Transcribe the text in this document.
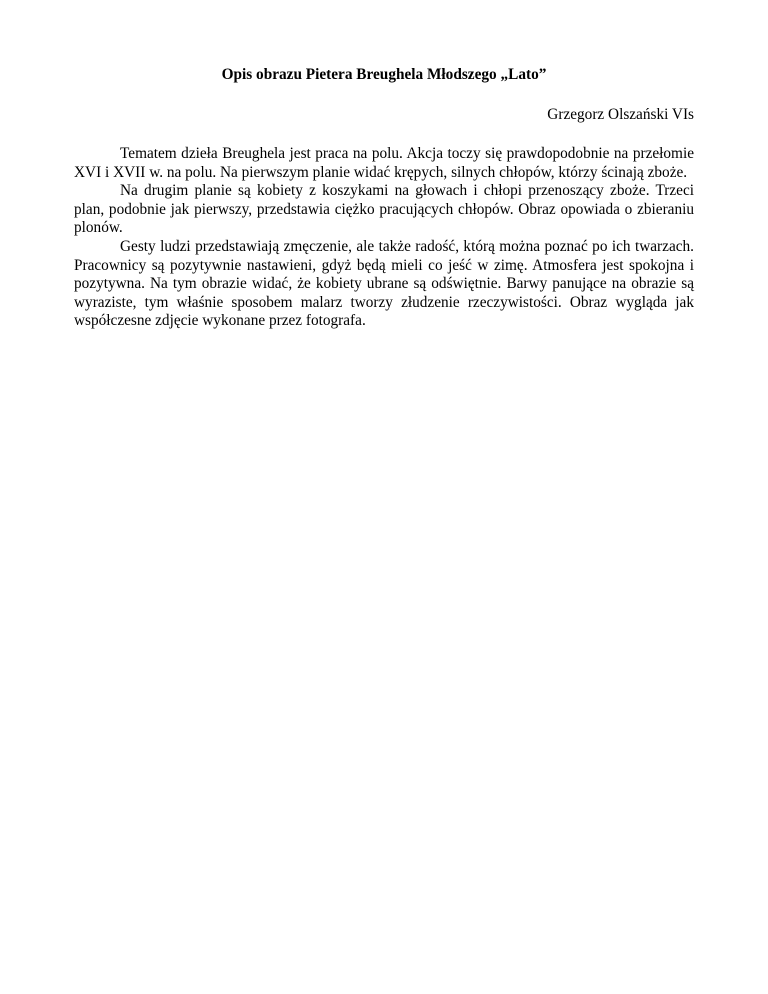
Opis obrazu Pietera Breughela Młodszego „Lato”
Grzegorz Olszański VIs

Tematem dzieła Breughela jest praca na polu. Akcja toczy się prawdopodobnie na przełomie XVI i XVII w. na polu. Na pierwszym planie widać krępych, silnych chłopów, którzy ścinają zboże.

Na drugim planie są kobiety z koszykami na głowach i chłopi przenoszący zboże. Trzeci plan, podobnie jak pierwszy, przedstawia ciężko pracujących chłopów. Obraz opowiada o zbieraniu plonów.

Gesty ludzi przedstawiają zmęczenie, ale także radość, którą można poznać po ich twarzach. Pracownicy są pozytywnie nastawieni, gdyż będą mieli co jeść w zimę. Atmosfera jest spokojna i pozytywna. Na tym obrazie widać, że kobiety ubrane są odświętnie. Barwy panujące na obrazie są wyraziste, tym właśnie sposobem malarz tworzy złudzenie rzeczywistości. Obraz wygląda jak współczesne zdjęcie wykonane przez fotografa.
